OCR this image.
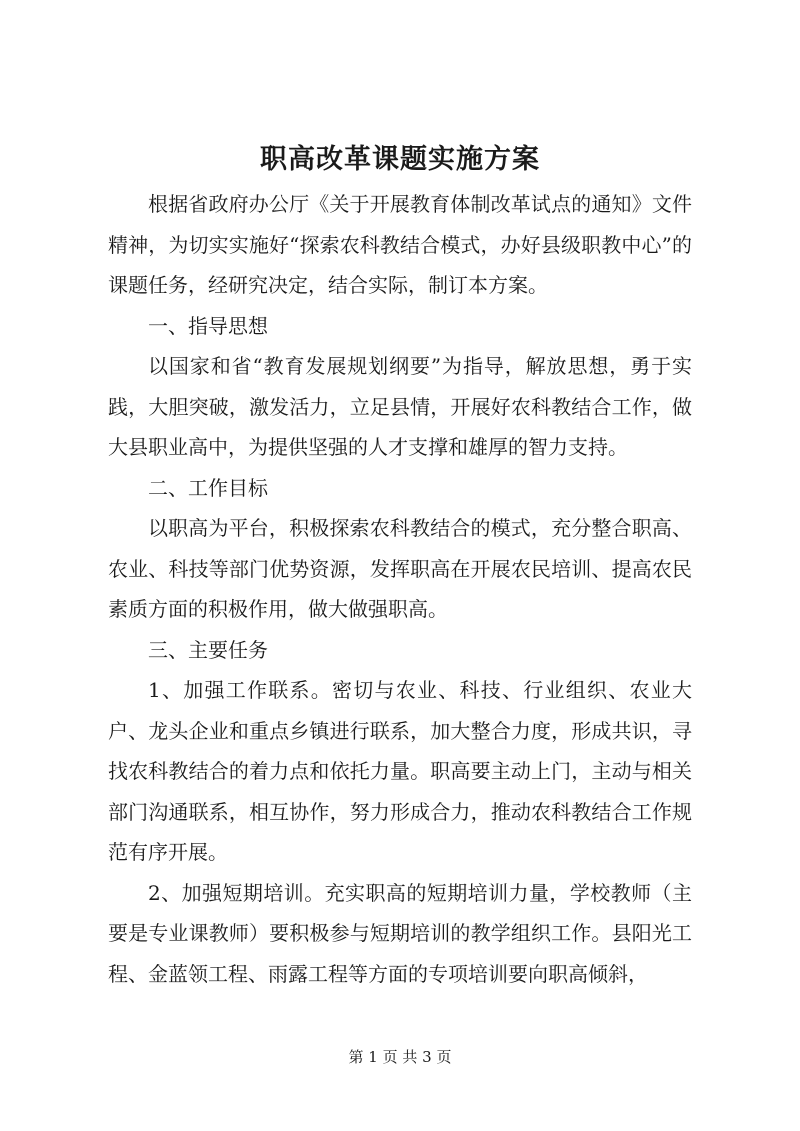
职高改革课题实施方案

根据省政府办公厅《关于开展教育体制改革试点的通知》文件精神，为切实实施好“探索农科教结合模式，办好县级职教中心”的课题任务，经研究决定，结合实际，制订本方案。

一、指导思想

以国家和省“教育发展规划纲要”为指导，解放思想，勇于实践，大胆突破，激发活力，立足县情，开展好农科教结合工作，做大县职业高中，为提供坚强的人才支撑和雄厚的智力支持。

二、工作目标

以职高为平台，积极探索农科教结合的模式，充分整合职高、农业、科技等部门优势资源，发挥职高在开展农民培训、提高农民素质方面的积极作用，做大做强职高。

三、主要任务

1、加强工作联系。密切与农业、科技、行业组织、农业大户、龙头企业和重点乡镇进行联系，加大整合力度，形成共识，寻找农科教结合的着力点和依托力量。职高要主动上门，主动与相关部门沟通联系，相互协作，努力形成合力，推动农科教结合工作规范有序开展。

2、加强短期培训。充实职高的短期培训力量，学校教师（主要是专业课教师）要积极参与短期培训的教学组织工作。县阳光工程、金蓝领工程、雨露工程等方面的专项培训要向职高倾斜，

第 1 页 共 3 页
